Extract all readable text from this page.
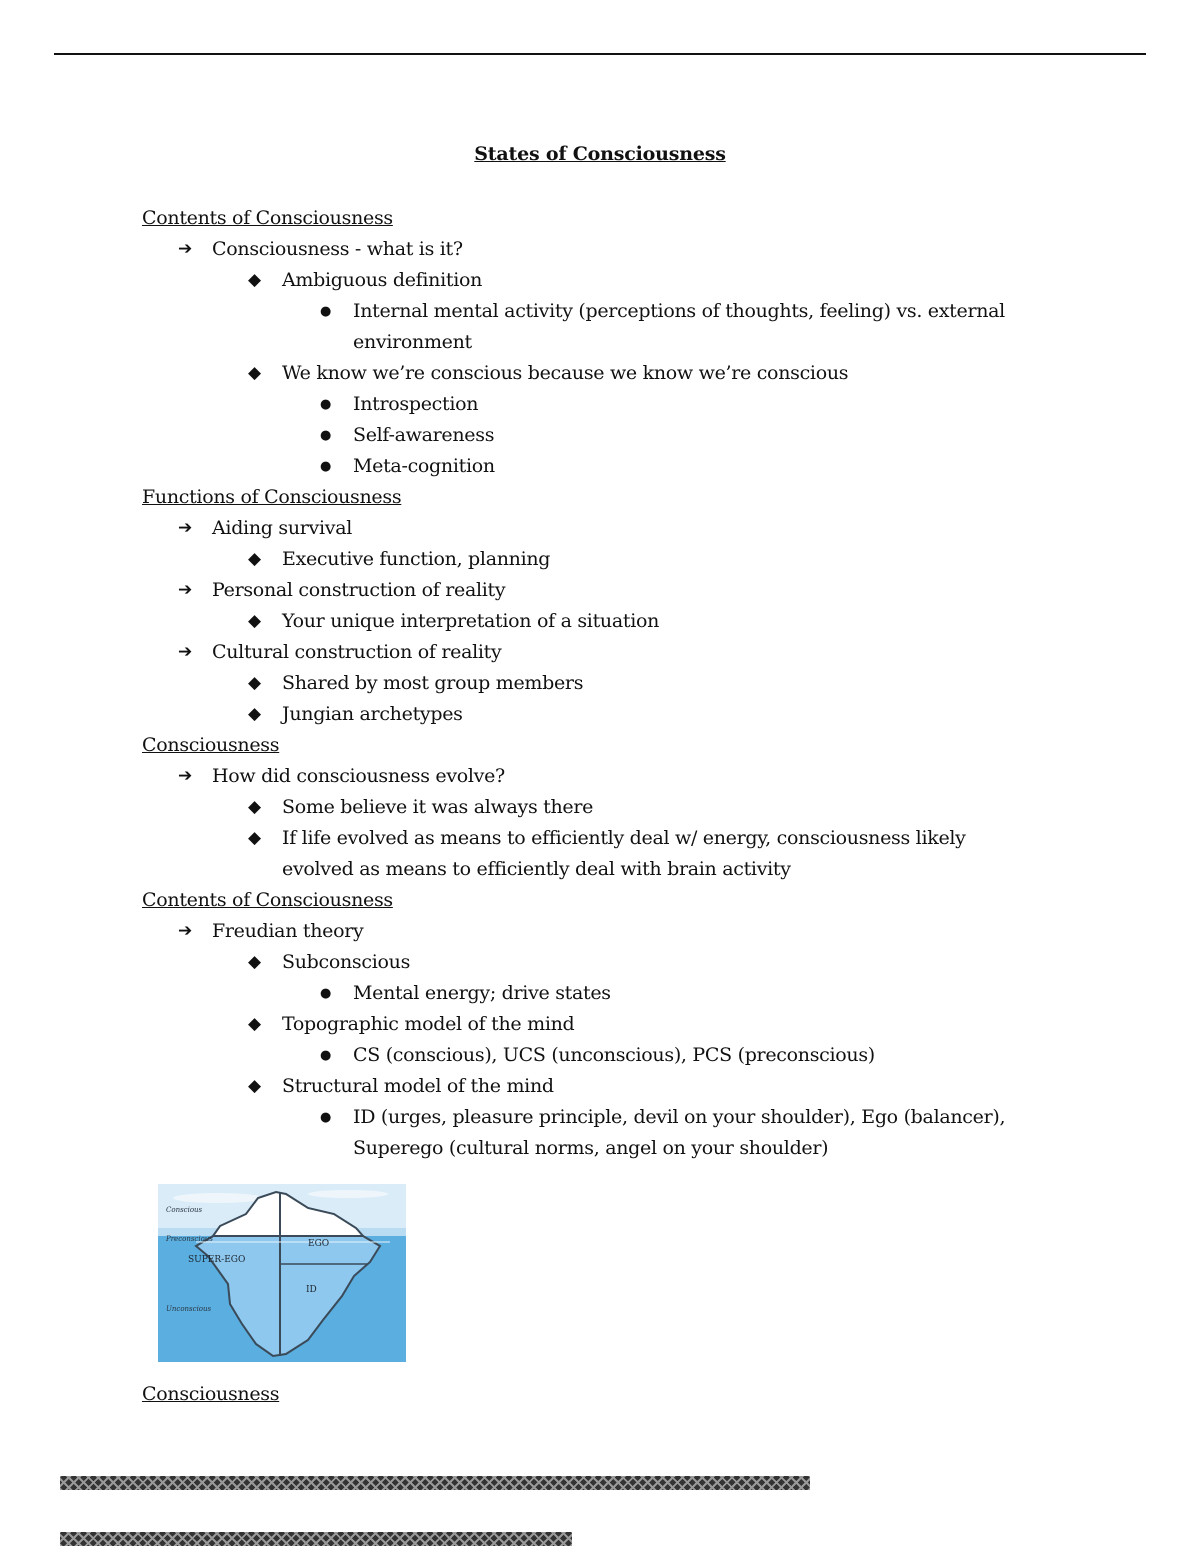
States of Consciousness
Contents of Consciousness
➔ Consciousness - what is it?
◆ Ambiguous definition
● Internal mental activity (perceptions of thoughts, feeling) vs. external environment
◆ We know we’re conscious because we know we’re conscious
● Introspection
● Self-awareness
● Meta-cognition
Functions of Consciousness
➔ Aiding survival
◆ Executive function, planning
➔ Personal construction of reality
◆ Your unique interpretation of a situation
➔ Cultural construction of reality
◆ Shared by most group members
◆ Jungian archetypes
Consciousness
➔ How did consciousness evolve?
◆ Some believe it was always there
◆ If life evolved as means to efficiently deal w/ energy, consciousness likely evolved as means to efficiently deal with brain activity
Contents of Consciousness
➔ Freudian theory
◆ Subconscious
● Mental energy; drive states
◆ Topographic model of the mind
● CS (conscious), UCS (unconscious), PCS (preconscious)
◆ Structural model of the mind
● ID (urges, pleasure principle, devil on your shoulder), Ego (balancer), Superego (cultural norms, angel on your shoulder)
Conscious
Preconscious
SUPER-EGO
EGO
ID
Unconscious
Consciousness
